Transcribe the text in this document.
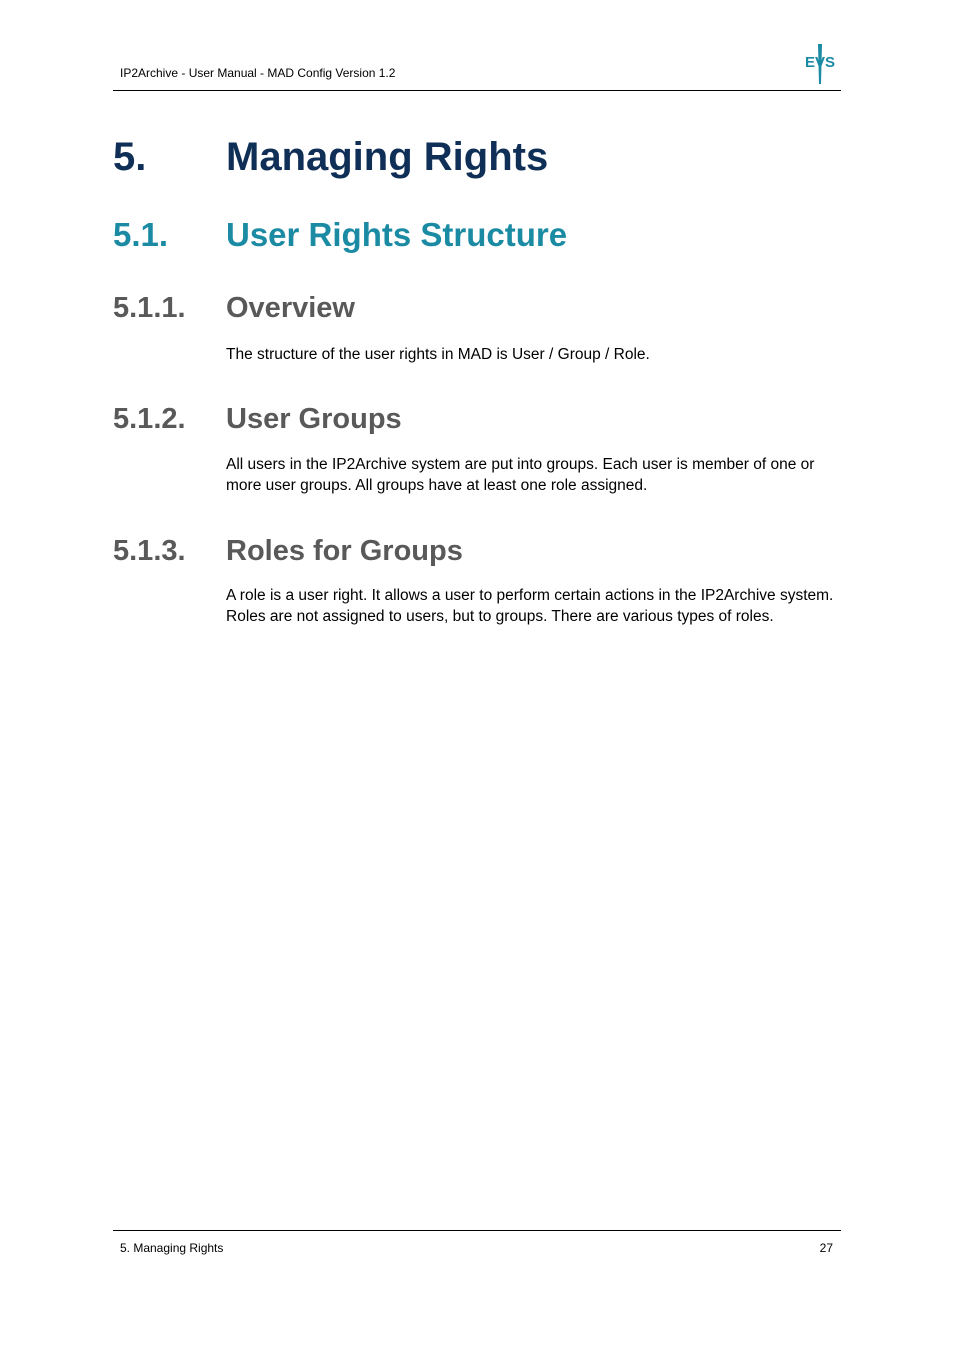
IP2Archive - User Manual - MAD Config Version 1.2
EVS
5. Managing Rights
5.1. User Rights Structure
5.1.1. Overview

The structure of the user rights in MAD is User / Group / Role.

5.1.2. User Groups

All users in the IP2Archive system are put into groups. Each user is member of one or more user groups. All groups have at least one role assigned.

5.1.3. Roles for Groups

A role is a user right. It allows a user to perform certain actions in the IP2Archive system. Roles are not assigned to users, but to groups. There are various types of roles.

5. Managing Rights	27
